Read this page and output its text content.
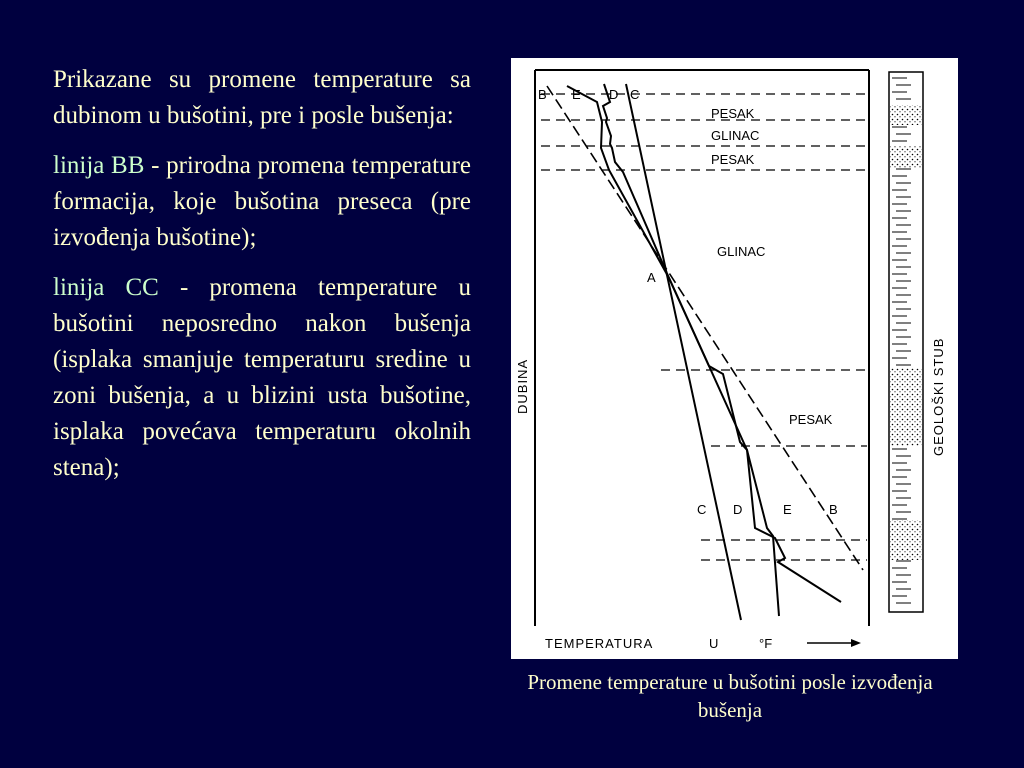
Prikazane su promene temperature sa dubinom u bušotini, pre i posle bušenja:

linija BB - prirodna promena temperature formacija, koje bušotina preseca (pre izvođenja bušotine);

linija CC - promena temperature u bušotini neposredno nakon bušenja (isplaka smanjuje temperaturu sredine u zoni bušenja, a u blizini usta bušotine, isplaka povećava temperaturu okolnih stena);

B E D C
PESAK
GLINAC
PESAK
GLINAC
PESAK
A
C D	E	B
DUBINA
TEMPERATURA	U	°F
GEOLOŠKI STUB
Promene temperature u bušotini posle izvođenja bušenja
